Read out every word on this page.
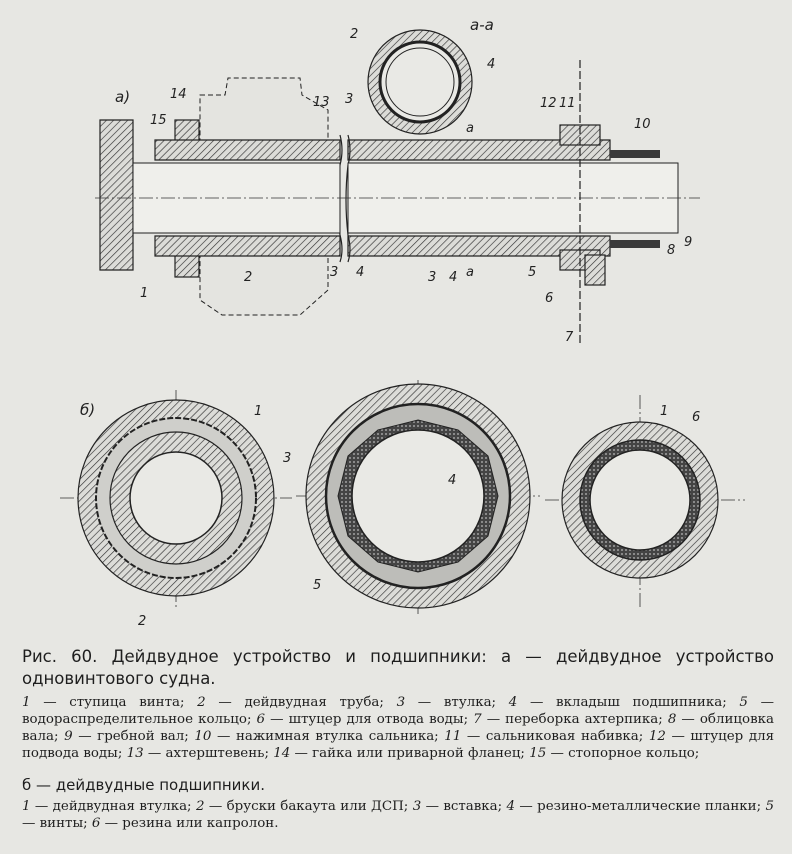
а)
1
2	3 4	5
6
7
8
9
10
11
12
13
14
15
3 4
а
а
а-а
2
3
4
б)	1
2
3
4
5
1 6

Рис. 60. Дейдвудное устройство и подшипники: а — дейдвудное устройство одновинтового судна.

1 — ступица винта; 2 — дейдвудная труба; 3 — втулка; 4 — вкладыш подшипника; 5 — водораспределительное кольцо; 6 — штуцер для отвода воды; 7 — переборка ахтерпика; 8 — облицовка вала; 9 — гребной вал; 10 — нажимная втулка сальника; 11 — сальниковая набивка; 12 — штуцер для подвода воды; 13 — ахтерштевень; 14 — гайка или приварной фланец; 15 — стопорное кольцо;

б — дейдвудные подшипники.

1 — дейдвудная втулка; 2 — бруски бакаута или ДСП; 3 — вставка; 4 — резино-металлические планки; 5 — винты; 6 — резина или капролон.
